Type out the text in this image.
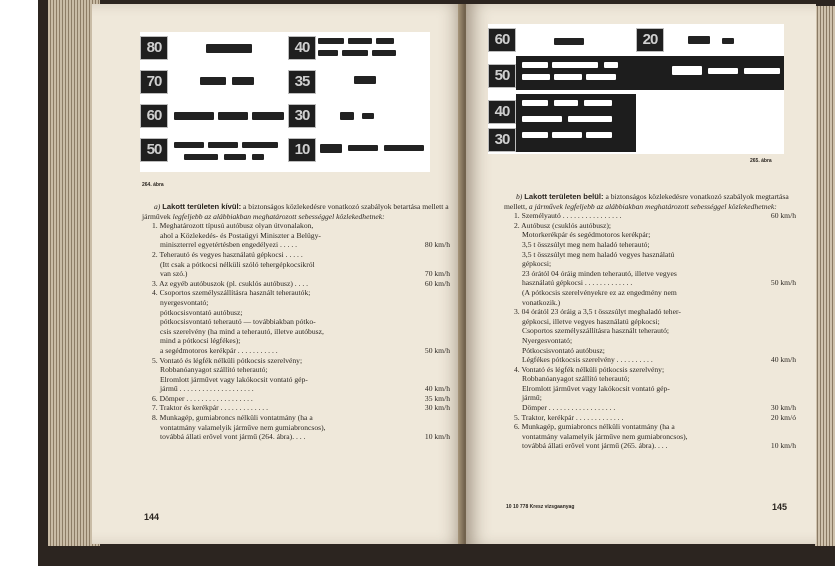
80
70
60
50
40
35
30
10
264. ábra

a) Lakott területen kívül: a biztonságos közlekedésre vonatkozó szabályok betartása mellett a járművek legfeljebb az alábbiakban meghatározott sebességgel közlekedhetnek:

1. Meghatározott típusú autóbusz olyan útvonalakon,
ahol a Közlekedés- és Postaügyi Miniszter a Belügy-
miniszterrel egyetértésben engedélyezi . . . . .	80 km/h
2. Teherautó és vegyes használatú gépkocsi . . . . .
(Itt csak a pótkocsi nélküli szóló tehergépkocsikról
van szó.)	70 km/h
3. Az egyéb autóbuszok (pl. csuklós autóbusz) . . . .	60 km/h
4. Csoportos személyszállításra használt teherautók;
nyergesvontató;
pótkocsisvontató autóbusz;
pótkocsisvontató teherautó — továbbiakban pótko-
csis szerelvény (ha mind a teherautó, illetve autóbusz,
mind a pótkocsi légfékes);
a segédmotoros kerékpár . . . . . . . . . . .	50 km/h
5. Vontató és légfék nélküli pótkocsis szerelvény;
Robbanóanyagot szállító teherautó;
Elromlott járművet vagy lakókocsit vontató gép-
jármű . . . . . . . . . . . . . . . . . . . .	40 km/h
6. Dömper . . . . . . . . . . . . . . . . . .	35 km/h
7. Traktor és kerékpár . . . . . . . . . . . . .	30 km/h
8. Munkagép, gumiabroncs nélküli vontatmány (ha a
vontatmány valamelyik járműve nem gumiabroncsos),
továbbá állati erővel vont jármű (264. ábra). . . .	10 km/h
144
60
50
40
30
20
265. ábra

b) Lakott területen belül: a biztonságos közlekedésre vonatkozó szabályok megtartása mellett, a járművek legfeljebb az alábbiakban meghatározott sebességgel közlekedhetnek:

1. Személyautó . . . . . . . . . . . . . . . .	60 km/h
2. Autóbusz (csuklós autóbusz);
Motorkerékpár és segédmotoros kerékpár;
3,5 t összsúlyt meg nem haladó teherautó;
3,5 t összsúlyt meg nem haladó vegyes használatú
gépkocsi;
23 órától 04 óráig minden teherautó, illetve vegyes
használatú gépkocsi . . . . . . . . . . . . .	50 km/h
(A pótkocsis szerelvényekre ez az engedmény nem
vonatkozik.)
3. 04 órától 23 óráig a 3,5 t összsúlyt meghaladó teher-
gépkocsi, illetve vegyes használatú gépkocsi;
Csoportos személyszállításra használt teherautó;
Nyergesvontató;
Pótkocsisvontató autóbusz;
Légfékes pótkocsis szerelvény . . . . . . . . . .	40 km/h
4. Vontató és légfék nélküli pótkocsis szerelvény;
Robbanóanyagot szállító teherautó;
Elromlott járművet vagy lakókocsit vontató gép-
jármű;
Dömper . . . . . . . . . . . . . . . . . .	30 km/h
5. Traktor, kerékpár . . . . . . . . . . . . .	20 km/ó
6. Munkagép, gumiabroncs nélküli vontatmány (ha a
vontatmány valamelyik járműve nem gumiabroncsos),
továbbá állati erővel vont jármű (265. ábra). . . .	10 km/h
10 10 778 Kresz vizsgaanyag	145
